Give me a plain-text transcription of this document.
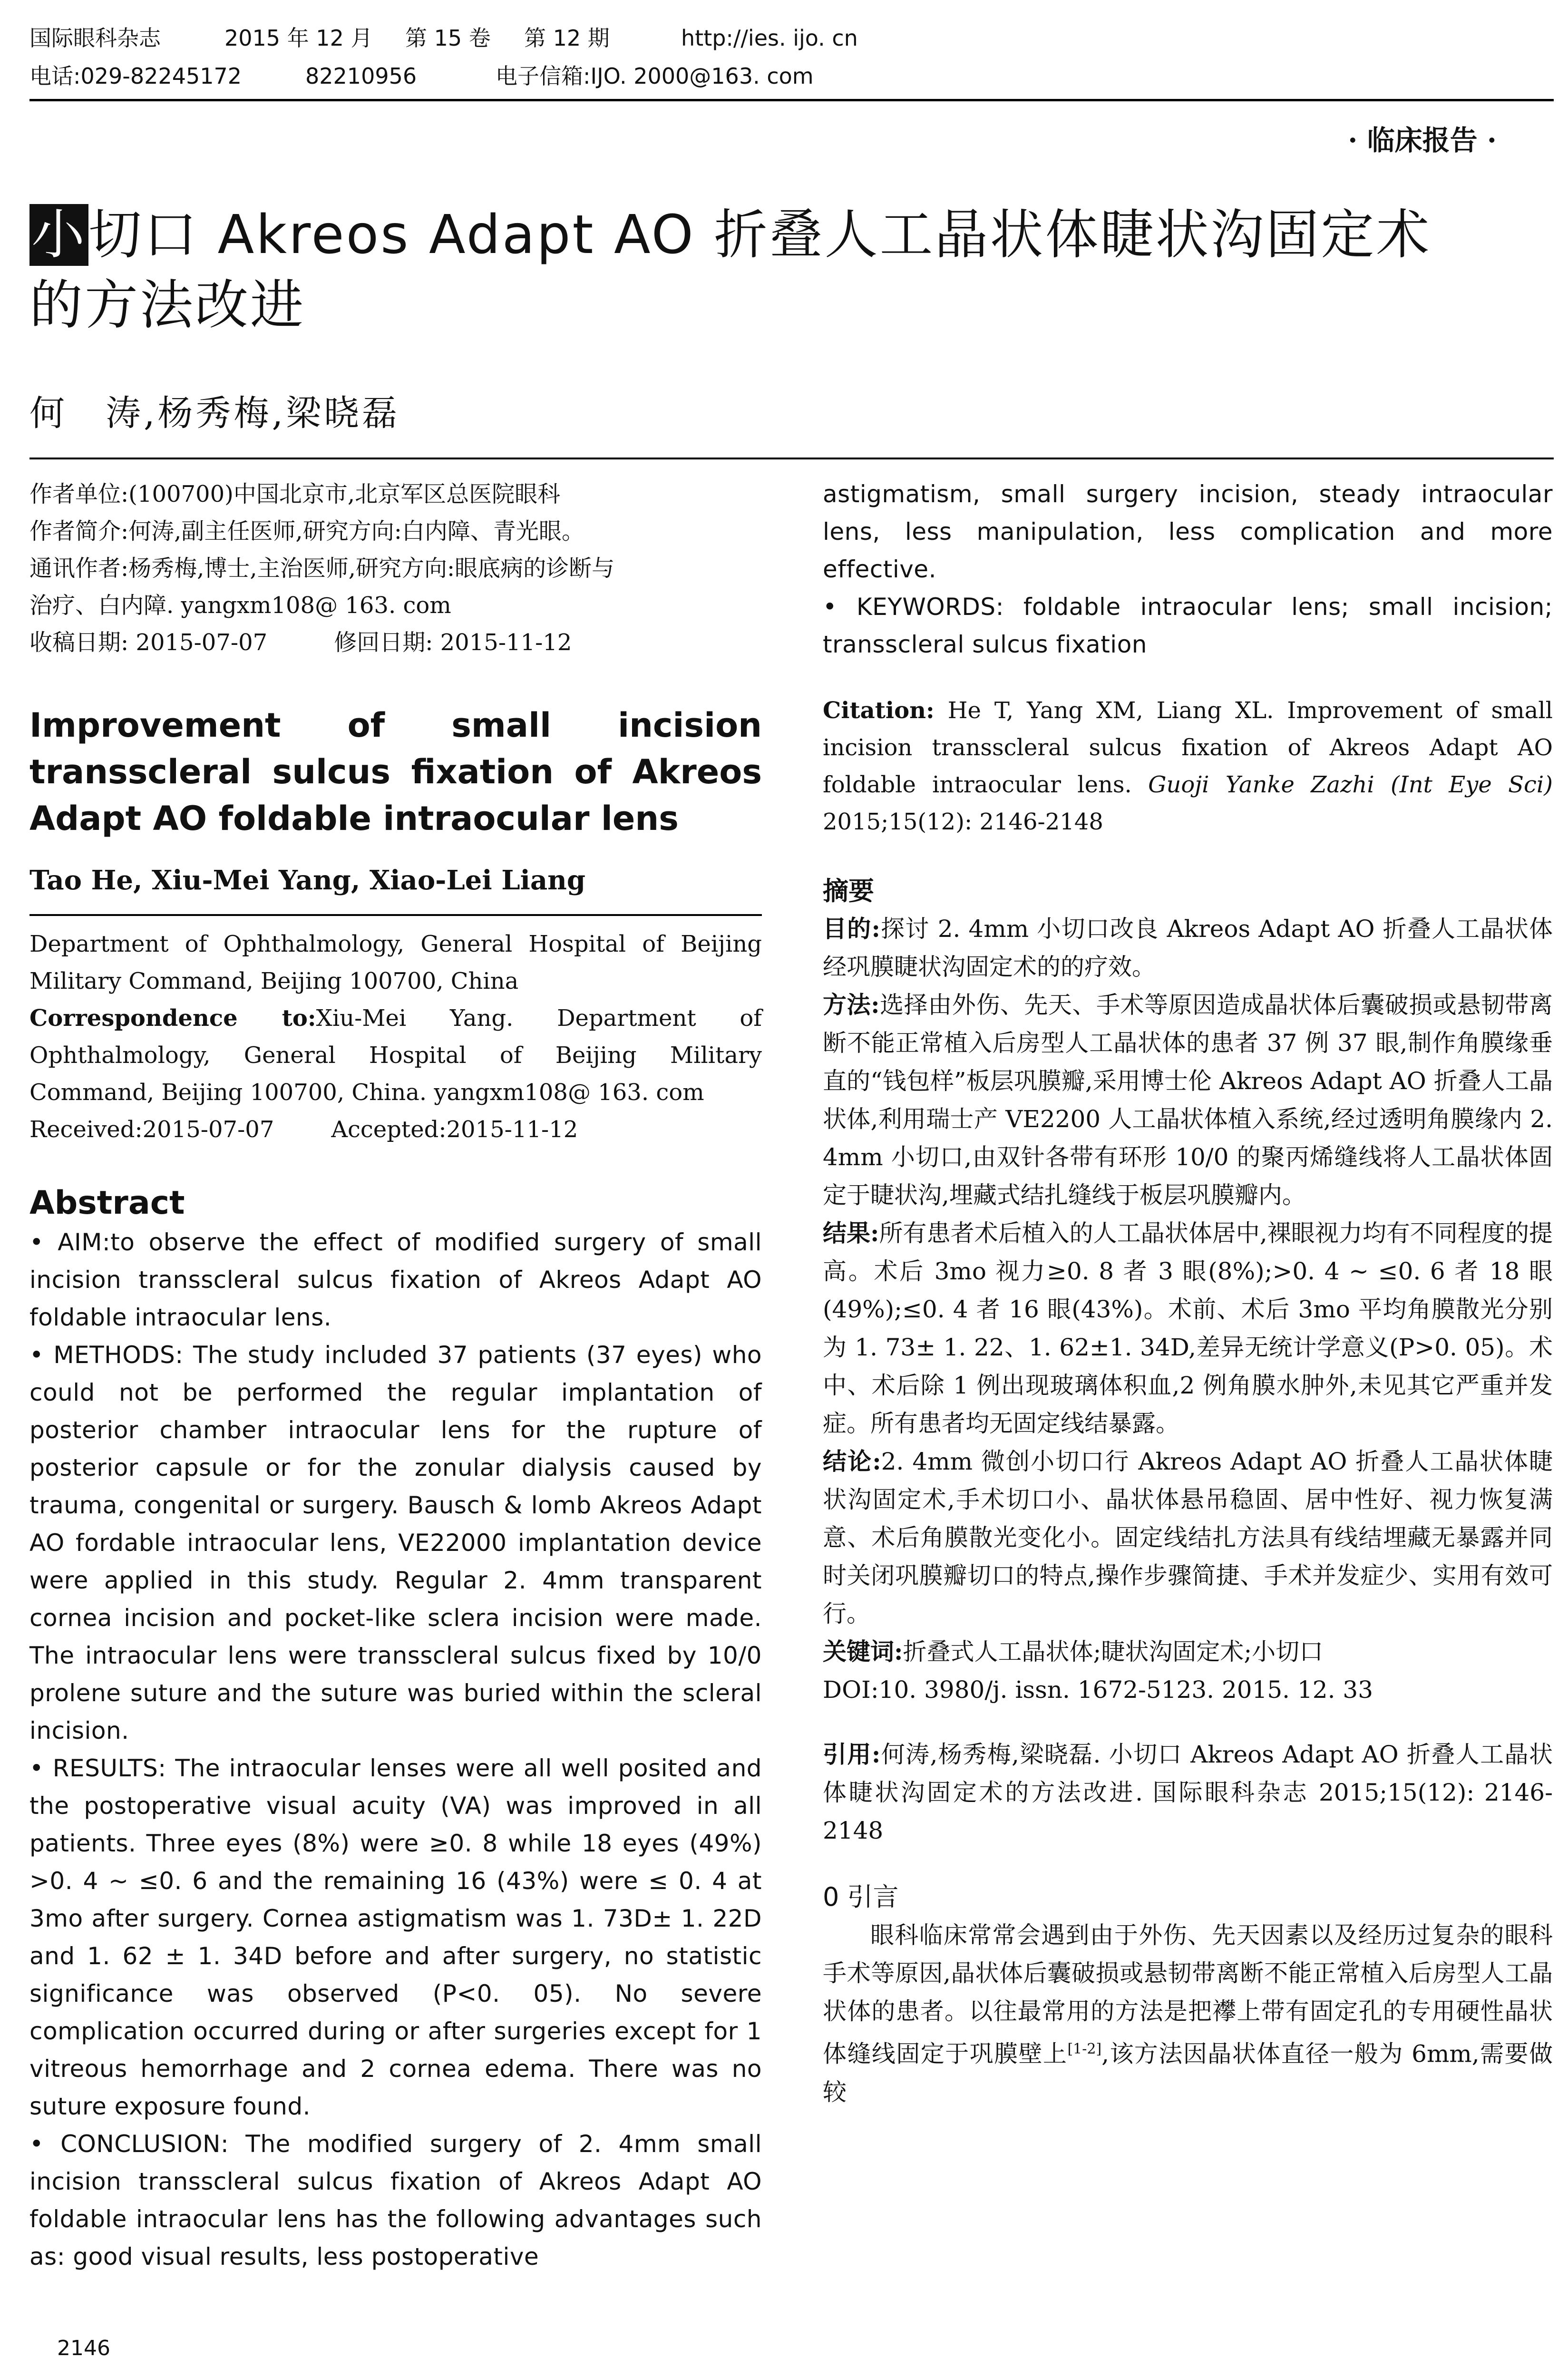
国际眼科杂志	2015 年 12 月	第 15 卷	第 12 期	http://ies. ijo. cn
电话:029-82245172	82210956	电子信箱:IJO. 2000@163. com
· 临床报告 ·
小切口 Akreos Adapt AO 折叠人工晶状体睫状沟固定术
的方法改进
何　涛,杨秀梅,梁晓磊

作者单位:(100700)中国北京市,北京军区总医院眼科

作者简介:何涛,副主任医师,研究方向:白内障、青光眼。

通讯作者:杨秀梅,博士,主治医师,研究方向:眼底病的诊断与

治疗、白内障. yangxm108@ 163. com

收稿日期: 2015-07-07	修回日期: 2015-11-12

Improvement of small incision transscleral sulcus fixation of Akreos Adapt AO foldable intraocular lens
Tao He, Xiu-Mei Yang, Xiao-Lei Liang

Department of Ophthalmology, General Hospital of Beijing Military Command, Beijing 100700, China

Correspondence to:Xiu-Mei Yang. Department of Ophthalmology, General Hospital of Beijing Military Command, Beijing 100700, China. yangxm108@ 163. com

Received:2015-07-07	Accepted:2015-11-12

Abstract

• AIM:to observe the effect of modified surgery of small incision transscleral sulcus fixation of Akreos Adapt AO foldable intraocular lens.

• METHODS: The study included 37 patients (37 eyes) who could not be performed the regular implantation of posterior chamber intraocular lens for the rupture of posterior capsule or for the zonular dialysis caused by trauma, congenital or surgery. Bausch & lomb Akreos Adapt AO fordable intraocular lens, VE22000 implantation device were applied in this study. Regular 2. 4mm transparent cornea incision and pocket-like sclera incision were made. The intraocular lens were transscleral sulcus fixed by 10/0 prolene suture and the suture was buried within the scleral incision.

• RESULTS: The intraocular lenses were all well posited and the postoperative visual acuity (VA) was improved in all patients. Three eyes (8%) were ≥0. 8 while 18 eyes (49%) >0. 4 ~ ≤0. 6 and the remaining 16 (43%) were ≤ 0. 4 at 3mo after surgery. Cornea astigmatism was 1. 73D± 1. 22D and 1. 62 ± 1. 34D before and after surgery, no statistic significance was observed (P<0. 05). No severe complication occurred during or after surgeries except for 1 vitreous hemorrhage and 2 cornea edema. There was no suture exposure found.

• CONCLUSION: The modified surgery of 2. 4mm small incision transscleral sulcus fixation of Akreos Adapt AO foldable intraocular lens has the following advantages such as: good visual results, less postoperative

astigmatism, small surgery incision, steady intraocular lens, less manipulation, less complication and more effective.

• KEYWORDS: foldable intraocular lens; small incision; transscleral sulcus fixation

Citation: He T, Yang XM, Liang XL. Improvement of small incision transscleral sulcus fixation of Akreos Adapt AO foldable intraocular lens. Guoji Yanke Zazhi (Int Eye Sci) 2015;15(12): 2146-2148

摘要

目的:探讨 2. 4mm 小切口改良 Akreos Adapt AO 折叠人工晶状体经巩膜睫状沟固定术的的疗效。

方法:选择由外伤、先天、手术等原因造成晶状体后囊破损或悬韧带离断不能正常植入后房型人工晶状体的患者 37 例 37 眼,制作角膜缘垂直的“钱包样”板层巩膜瓣,采用博士伦 Akreos Adapt AO 折叠人工晶状体,利用瑞士产 VE2200 人工晶状体植入系统,经过透明角膜缘内 2. 4mm 小切口,由双针各带有环形 10/0 的聚丙烯缝线将人工晶状体固定于睫状沟,埋藏式结扎缝线于板层巩膜瓣内。

结果:所有患者术后植入的人工晶状体居中,裸眼视力均有不同程度的提高。术后 3mo 视力≥0. 8 者 3 眼(8%);>0. 4 ~ ≤0. 6 者 18 眼(49%);≤0. 4 者 16 眼(43%)。术前、术后 3mo 平均角膜散光分别为 1. 73± 1. 22、1. 62±1. 34D,差异无统计学意义(P>0. 05)。术中、术后除 1 例出现玻璃体积血,2 例角膜水肿外,未见其它严重并发症。所有患者均无固定线结暴露。

结论:2. 4mm 微创小切口行 Akreos Adapt AO 折叠人工晶状体睫状沟固定术,手术切口小、晶状体悬吊稳固、居中性好、视力恢复满意、术后角膜散光变化小。固定线结扎方法具有线结埋藏无暴露并同时关闭巩膜瓣切口的特点,操作步骤简捷、手术并发症少、实用有效可行。

关键词:折叠式人工晶状体;睫状沟固定术;小切口

DOI:10. 3980/j. issn. 1672-5123. 2015. 12. 33

引用:何涛,杨秀梅,梁晓磊. 小切口 Akreos Adapt AO 折叠人工晶状体睫状沟固定术的方法改进. 国际眼科杂志 2015;15(12): 2146-2148

0 引言

眼科临床常常会遇到由于外伤、先天因素以及经历过复杂的眼科手术等原因,晶状体后囊破损或悬韧带离断不能正常植入后房型人工晶状体的患者。以往最常用的方法是把襻上带有固定孔的专用硬性晶状体缝线固定于巩膜壁上[1-2],该方法因晶状体直径一般为 6mm,需要做较

2146
